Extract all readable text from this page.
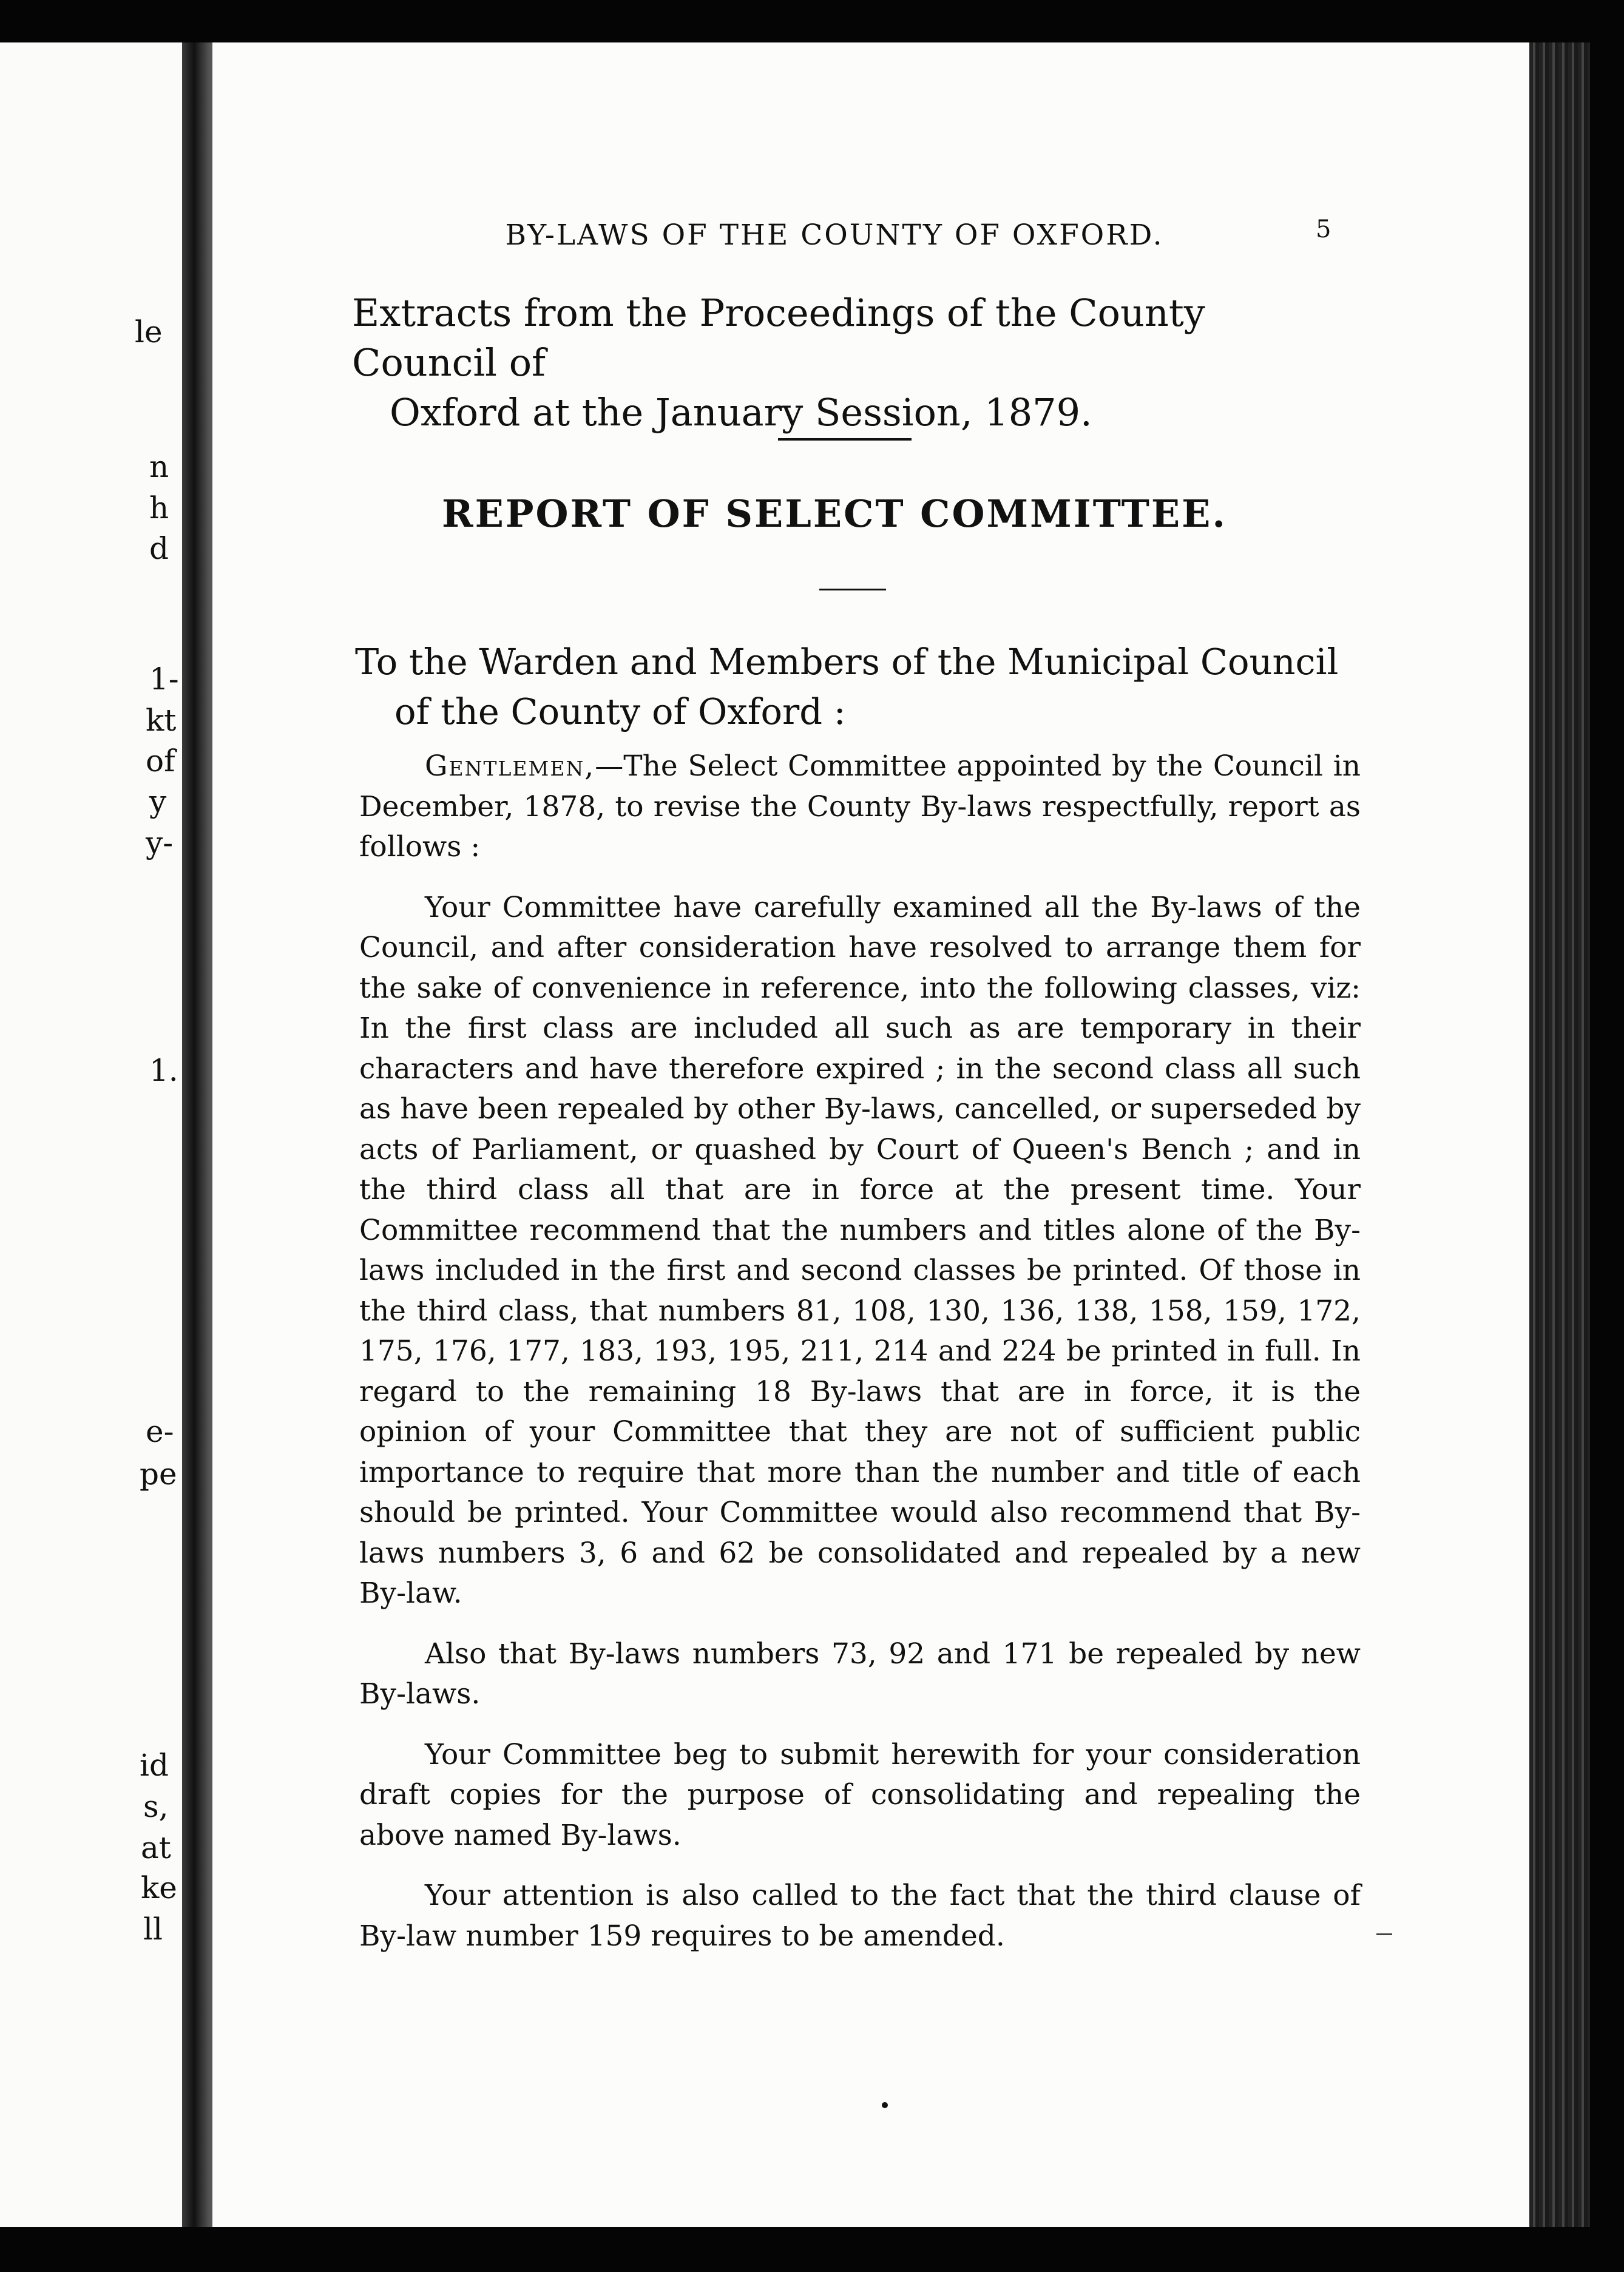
le
n
h
d
1-
kt
of
y
y-
1.
e-
pe
id
s,
at
ke
ll
BY-LAWS OF THE COUNTY OF OXFORD.	5
Extracts from the Proceedings of the County Council of
Oxford at the January Session, 1879.
REPORT OF SELECT COMMITTEE.
To the Warden and Members of the Municipal Council
of the County of Oxford :

Gentlemen,—The Select Committee appointed by the Council in December, 1878, to revise the County By-laws respectfully, report as follows :

Your Committee have carefully examined all the By-laws of the Council, and after consideration have resolved to arrange them for the sake of convenience in reference, into the following classes, viz: In the first class are included all such as are temporary in their characters and have therefore expired ; in the second class all such as have been repealed by other By-laws, cancelled, or superseded by acts of Parliament, or quashed by Court of Queen's Bench ; and in the third class all that are in force at the present time. Your Committee recommend that the numbers and titles alone of the By-laws included in the first and second classes be printed. Of those in the third class, that numbers 81, 108, 130, 136, 138, 158, 159, 172, 175, 176, 177, 183, 193, 195, 211, 214 and 224 be printed in full. In regard to the remaining 18 By-laws that are in force, it is the opinion of your Committee that they are not of sufficient public importance to require that more than the number and title of each should be printed. Your Committee would also recommend that By-laws numbers 3, 6 and 62 be consolidated and repealed by a new By-law.

Also that By-laws numbers 73, 92 and 171 be repealed by new By-laws.

Your Committee beg to submit herewith for your consideration draft copies for the purpose of consolidating and repealing the above named By-laws.

Your attention is also called to the fact that the third clause of By-law number 159 requires to be amended.
